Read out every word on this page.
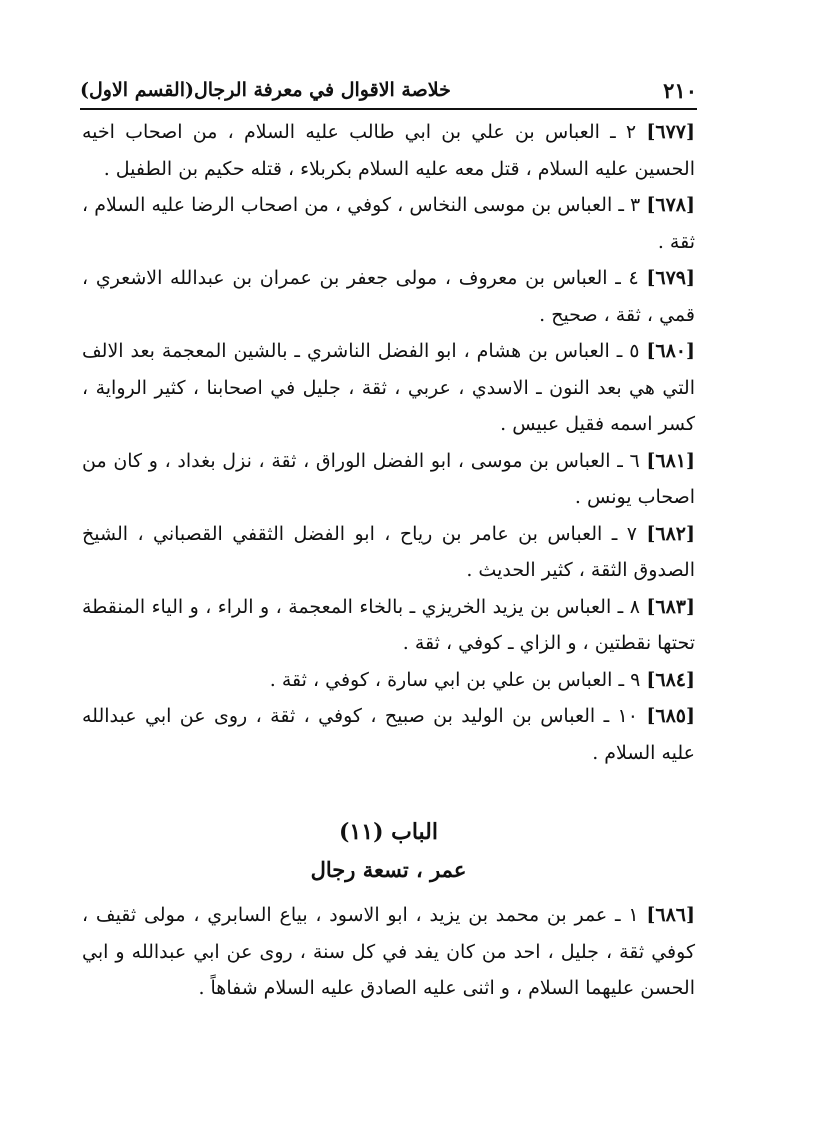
٢١٠
خلاصة الاقوال في معرفة الرجال(القسم الاول)

[٦٧٧] ٢ ـ العباس بن علي بن ابي طالب عليه السلام ، من اصحاب اخيه الحسين عليه السلام ، قتل معه عليه السلام بكربلاء ، قتله حكيم بن الطفيل .

[٦٧٨] ٣ ـ العباس بن موسى النخاس ، كوفي ، من اصحاب الرضا عليه السلام ، ثقة .

[٦٧٩] ٤ ـ العباس بن معروف ، مولى جعفر بن عمران بن عبدالله الاشعري ، قمي ، ثقة ، صحيح .

[٦٨٠] ٥ ـ العباس بن هشام ، ابو الفضل الناشري ـ بالشين المعجمة بعد الالف التي هي بعد النون ـ الاسدي ، عربي ، ثقة ، جليل في اصحابنا ، كثير الرواية ، كسر اسمه فقيل عبيس .

[٦٨١] ٦ ـ العباس بن موسى ، ابو الفضل الوراق ، ثقة ، نزل بغداد ، و كان من اصحاب يونس .

[٦٨٢] ٧ ـ العباس بن عامر بن رياح ، ابو الفضل الثقفي القصباني ، الشيخ الصدوق الثقة ، كثير الحديث .

[٦٨٣] ٨ ـ العباس بن يزيد الخريزي ـ بالخاء المعجمة ، و الراء ، و الياء المنقطة تحتها نقطتين ، و الزاي ـ كوفي ، ثقة .

[٦٨٤] ٩ ـ العباس بن علي بن ابي سارة ، كوفي ، ثقة .

[٦٨٥] ١٠ ـ العباس بن الوليد بن صبيح ، كوفي ، ثقة ، روى عن ابي عبدالله عليه السلام .

الباب (١١)

عمر ، تسعة رجال

[٦٨٦] ١ ـ عمر بن محمد بن يزيد ، ابو الاسود ، بياع السابري ، مولى ثقيف ، كوفي ثقة ، جليل ، احد من كان يفد في كل سنة ، روى عن ابي عبدالله و ابي الحسن عليهما السلام ، و اثنى عليه الصادق عليه السلام شفاهاً .
